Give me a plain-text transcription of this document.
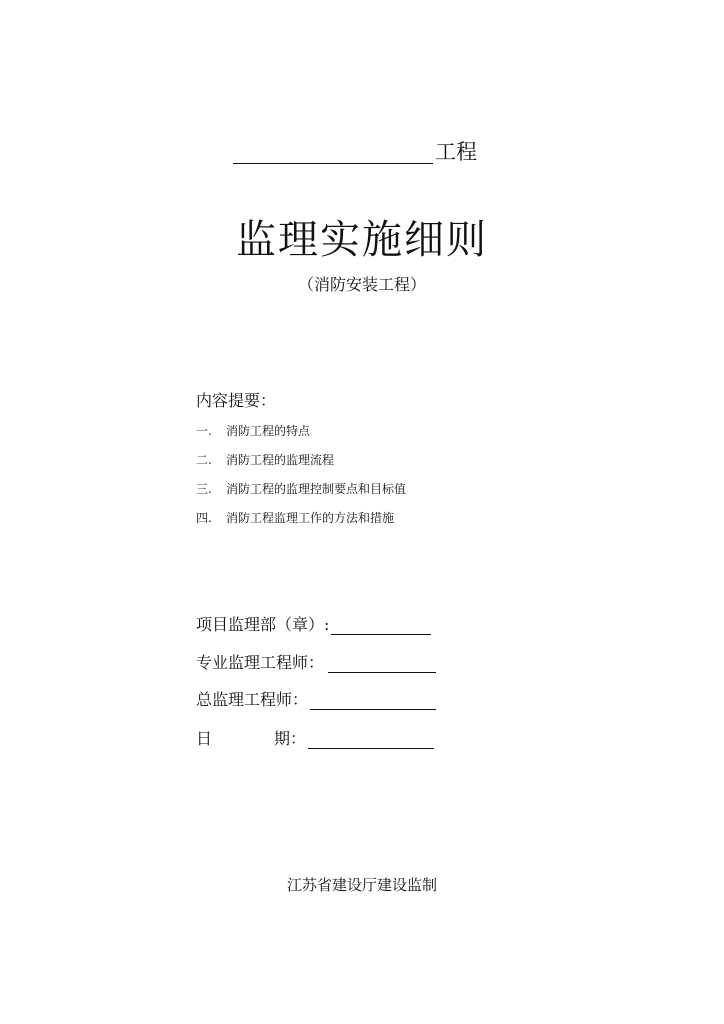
工程
监理实施细则
（消防安装工程）
内容提要：
一.	消防工程的特点
二.	消防工程的监理流程
三.	消防工程的监理控制要点和目标值
四.	消防工程监理工作的方法和措施
项目监理部（章）:
专业监理工程师：
总监理工程师：
日	期：
江苏省建设厅建设监制
